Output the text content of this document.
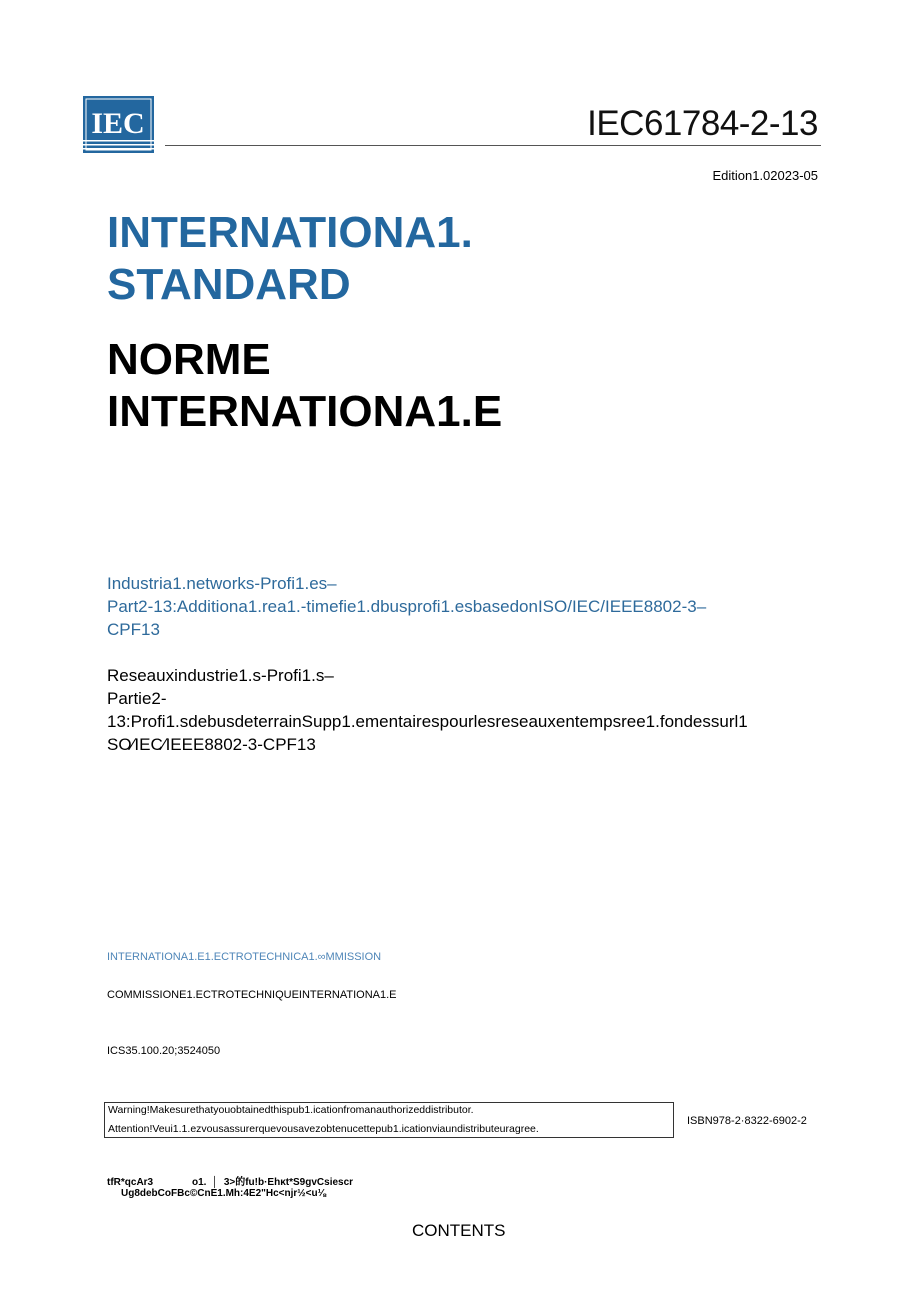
IEC	IEC61784-2-13
Edition1.02023-05
INTERNATIONA1.
STANDARD
NORME
INTERNATIONA1.E
Industria1.networks-Profi1.es–
Part2-13:Additiona1.rea1.-timefie1.dbusprofi1.esbasedonISO/IEC/IEEE8802-3–
CPF13
Reseauxindustrie1.s-Profi1.s–
Partie2-
13:Profi1.sdebusdeterrainSupp1.ementairespourlesreseauxentempsree1.fondessurl1
SO∕IEC∕IEEE8802-3-CPF13
INTERNATIONA1.E1.ECTROTECHNICA1.∞MMISSION
COMMISSIONE1.ECTROTECHNIQUEINTERNATIONA1.E
ICS35.100.20;3524050
Warning!Makesurethatyouobtainedthispub1.icationfromanauthorizeddistributor.
Attention!Veui1.1.ezvousassurerquevousavezobtenucettepub1.icationviaundistributeuragree.
ISBN978-2·8322-6902-2
tfR*qcAr3              o1.  │  3>的fu!b·Ehκt*S9gvCsiescr
Ug8debCoFBc©CnE1.Mh:4E2"Hc<njr½<u⅛
CONTENTS
